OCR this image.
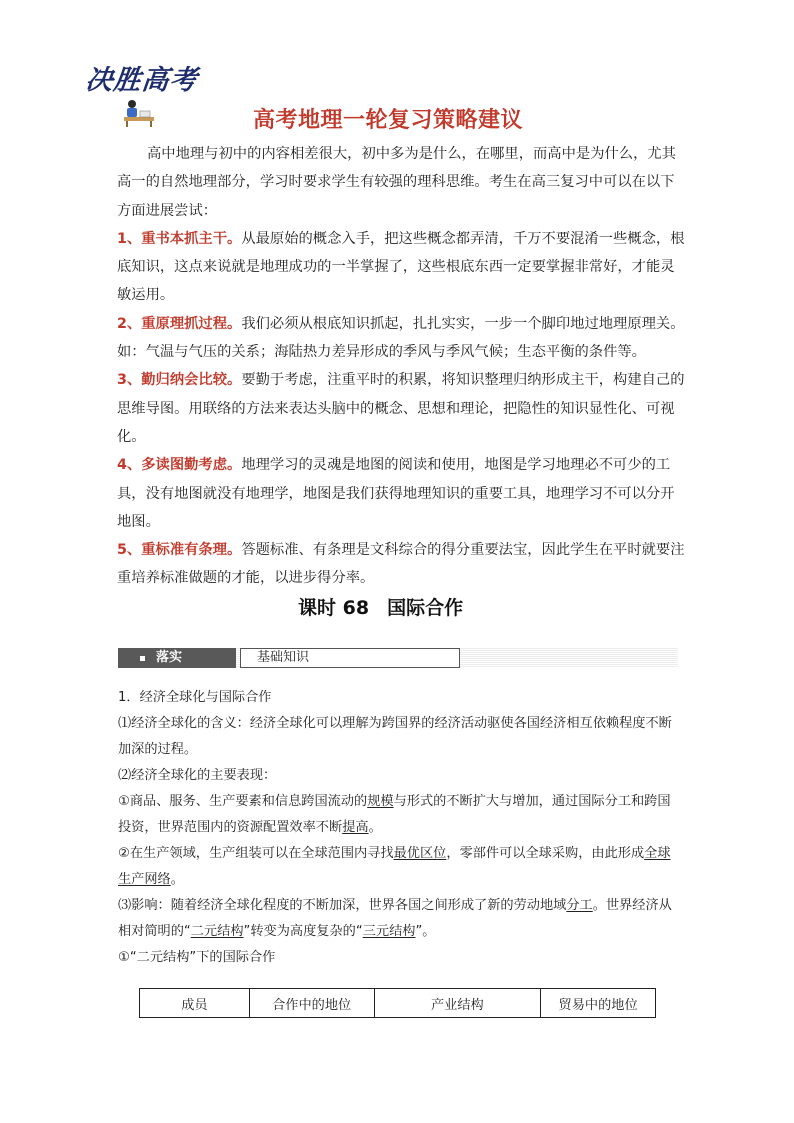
决胜高考
高考地理一轮复习策略建议

高中地理与初中的内容相差很大，初中多为是什么，在哪里，而高中是为什么，尤其高一的自然地理部分，学习时要求学生有较强的理科思维。考生在高三复习中可以在以下方面进展尝试：

1、重书本抓主干。从最原始的概念入手，把这些概念都弄清，千万不要混淆一些概念，根底知识，这点来说就是地理成功的一半掌握了，这些根底东西一定要掌握非常好，才能灵敏运用。

2、重原理抓过程。我们必须从根底知识抓起，扎扎实实，一步一个脚印地过地理原理关。如：气温与气压的关系；海陆热力差异形成的季风与季风气候；生态平衡的条件等。

3、勤归纳会比较。要勤于考虑，注重平时的积累，将知识整理归纳形成主干，构建自己的思维导图。用联络的方法来表达头脑中的概念、思想和理论，把隐性的知识显性化、可视化。

4、多读图勤考虑。地理学习的灵魂是地图的阅读和使用，地图是学习地理必不可少的工具，没有地图就没有地理学，地图是我们获得地理知识的重要工具，地理学习不可以分开地图。

5、重标准有条理。答题标准、有条理是文科综合的得分重要法宝，因此学生在平时就要注重培养标准做题的才能，以进步得分率。

课时 68 国际合作
落实	基础知识

1．经济全球化与国际合作

⑴经济全球化的含义：经济全球化可以理解为跨国界的经济活动驱使各国经济相互依赖程度不断加深的过程。

⑵经济全球化的主要表现：

①商品、服务、生产要素和信息跨国流动的规模与形式的不断扩大与增加，通过国际分工和跨国投资，世界范围内的资源配置效率不断提高。

②在生产领域，生产组装可以在全球范围内寻找最优区位，零部件可以全球采购，由此形成全球生产网络。

⑶影响：随着经济全球化程度的不断加深，世界各国之间形成了新的劳动地域分工。世界经济从相对简明的“二元结构”转变为高度复杂的“三元结构”。

①“二元结构”下的国际合作

成员	合作中的地位	产业结构	贸易中的地位
